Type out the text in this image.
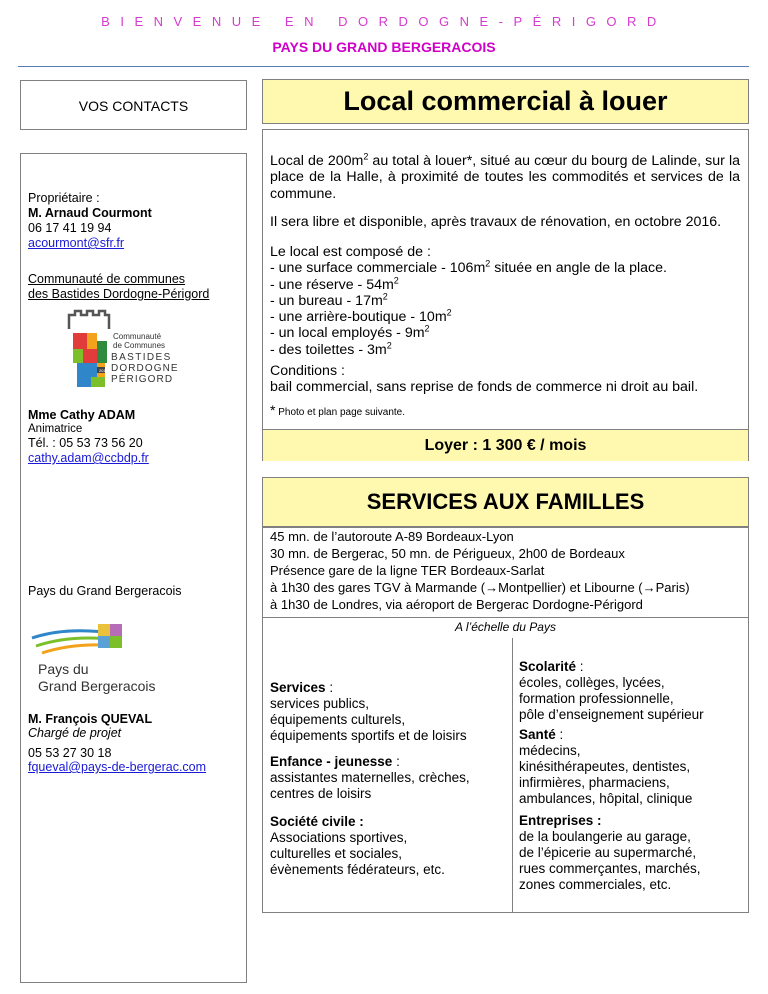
BIENVENUE EN DORDOGNE-PÉRIGORD
PAYS DU GRAND BERGERACOIS
VOS CONTACTS
Propriétaire :
M. Arnaud Courmont
06 17 41 19 94
acourmont@sfr.fr
Communauté de communes
des Bastides Dordogne-Périgord
2012
Communauté
de Communes
BASTIDES
DORDOGNE
PÉRIGORD
Mme Cathy ADAM
Animatrice
Tél. : 05 53 73 56 20
cathy.adam@ccbdp.fr
Pays du Grand Bergeracois
Pays du
Grand Bergeracois
M. François QUEVAL
Chargé de projet
05 53 27 30 18
fqueval@pays-de-bergerac.com
Local commercial à louer
Local de $200m^2$ au total à louer*, situé au cœur du bourg de Lalinde, sur la place de la Halle, à proximité de toutes les commodités et services de la commune.
Il sera libre et disponible, après travaux de rénovation, en octobre 2016.
Le local est composé de :
- une surface commerciale - $106m^2$ située en angle de la place.
- une réserve - $54m^2$
- un bureau - $17m^2$
- une arrière-boutique - $10m^2$
- un local employés - $9m^2$
- des toilettes - $3m^2$
Conditions :
bail commercial, sans reprise de fonds de commerce ni droit au bail.
* Photo et plan page suivante.
Loyer : 1 300 € / mois
SERVICES AUX FAMILLES
45 mn. de l’autoroute A-89 Bordeaux-Lyon
30 mn. de Bergerac, 50 mn. de Périgueux, 2h00 de Bordeaux
Présence gare de la ligne TER Bordeaux-Sarlat
à 1h30 des gares TGV à Marmande (→Montpellier) et Libourne (→Paris)
à 1h30 de Londres, via aéroport de Bergerac Dordogne-Périgord
A l’échelle du Pays
Services :
services publics,
équipements culturels,
équipements sportifs et de loisirs
Enfance - jeunesse :
assistantes maternelles, crèches,
centres de loisirs
Société civile :
Associations sportives,
culturelles et sociales,
évènements fédérateurs, etc.
Scolarité :
écoles, collèges, lycées,
formation professionnelle,
pôle d’enseignement supérieur
Santé :
médecins,
kinésithérapeutes, dentistes,
infirmières, pharmaciens,
ambulances, hôpital, clinique
Entreprises :
de la boulangerie au garage,
de l’épicerie au supermarché,
rues commerçantes, marchés,
zones commerciales, etc.
